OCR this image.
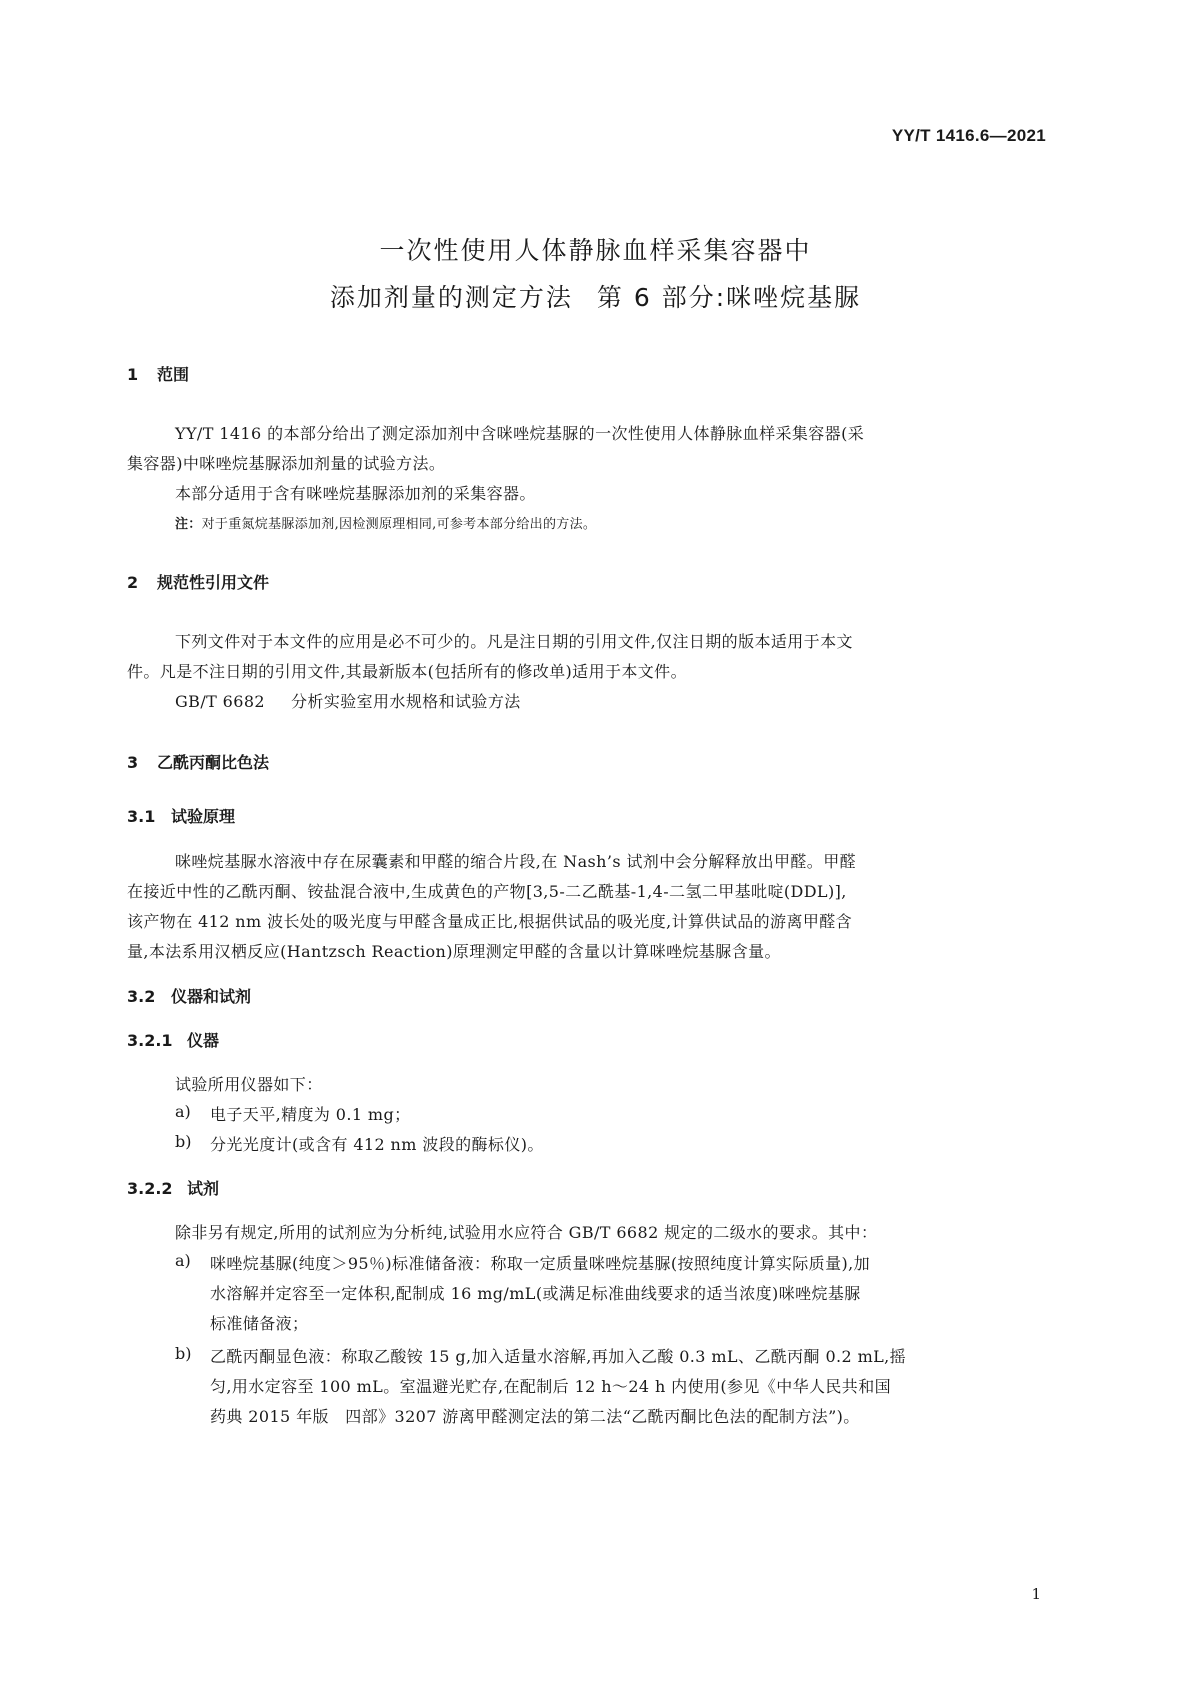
YY/T 1416.6—2021
一次性使用人体静脉血样采集容器中
添加剂量的测定方法 第 6 部分:咪唑烷基脲
1 范围
YY/T 1416 的本部分给出了测定添加剂中含咪唑烷基脲的一次性使用人体静脉血样采集容器(采
集容器)中咪唑烷基脲添加剂量的试验方法。
本部分适用于含有咪唑烷基脲添加剂的采集容器。
注：对于重氮烷基脲添加剂,因检测原理相同,可参考本部分给出的方法。
2 规范性引用文件
下列文件对于本文件的应用是必不可少的。凡是注日期的引用文件,仅注日期的版本适用于本文
件。凡是不注日期的引用文件,其最新版本(包括所有的修改单)适用于本文件。
GB/T 6682 分析实验室用水规格和试验方法
3 乙酰丙酮比色法
3.1 试验原理
咪唑烷基脲水溶液中存在尿囊素和甲醛的缩合片段,在 Nash’s 试剂中会分解释放出甲醛。甲醛
在接近中性的乙酰丙酮、铵盐混合液中,生成黄色的产物[3,5-二乙酰基-1,4-二氢二甲基吡啶(DDL)],
该产物在 412 nm 波长处的吸光度与甲醛含量成正比,根据供试品的吸光度,计算供试品的游离甲醛含
量,本法系用汉栖反应(Hantzsch Reaction)原理测定甲醛的含量以计算咪唑烷基脲含量。
3.2 仪器和试剂
3.2.1 仪器
试验所用仪器如下：
a) 电子天平,精度为 0.1 mg；
b) 分光光度计(或含有 412 nm 波段的酶标仪)。
3.2.2 试剂
除非另有规定,所用的试剂应为分析纯,试验用水应符合 GB/T 6682 规定的二级水的要求。其中：
a) 咪唑烷基脲(纯度＞95％)标准储备液：称取一定质量咪唑烷基脲(按照纯度计算实际质量),加
水溶解并定容至一定体积,配制成 16 mg/mL(或满足标准曲线要求的适当浓度)咪唑烷基脲
标准储备液；
b) 乙酰丙酮显色液：称取乙酸铵 15 g,加入适量水溶解,再加入乙酸 0.3 mL、乙酰丙酮 0.2 mL,摇
匀,用水定容至 100 mL。室温避光贮存,在配制后 12 h～24 h 内使用(参见《中华人民共和国
药典 2015 年版　四部》3207 游离甲醛测定法的第二法“乙酰丙酮比色法的配制方法”)。
1
